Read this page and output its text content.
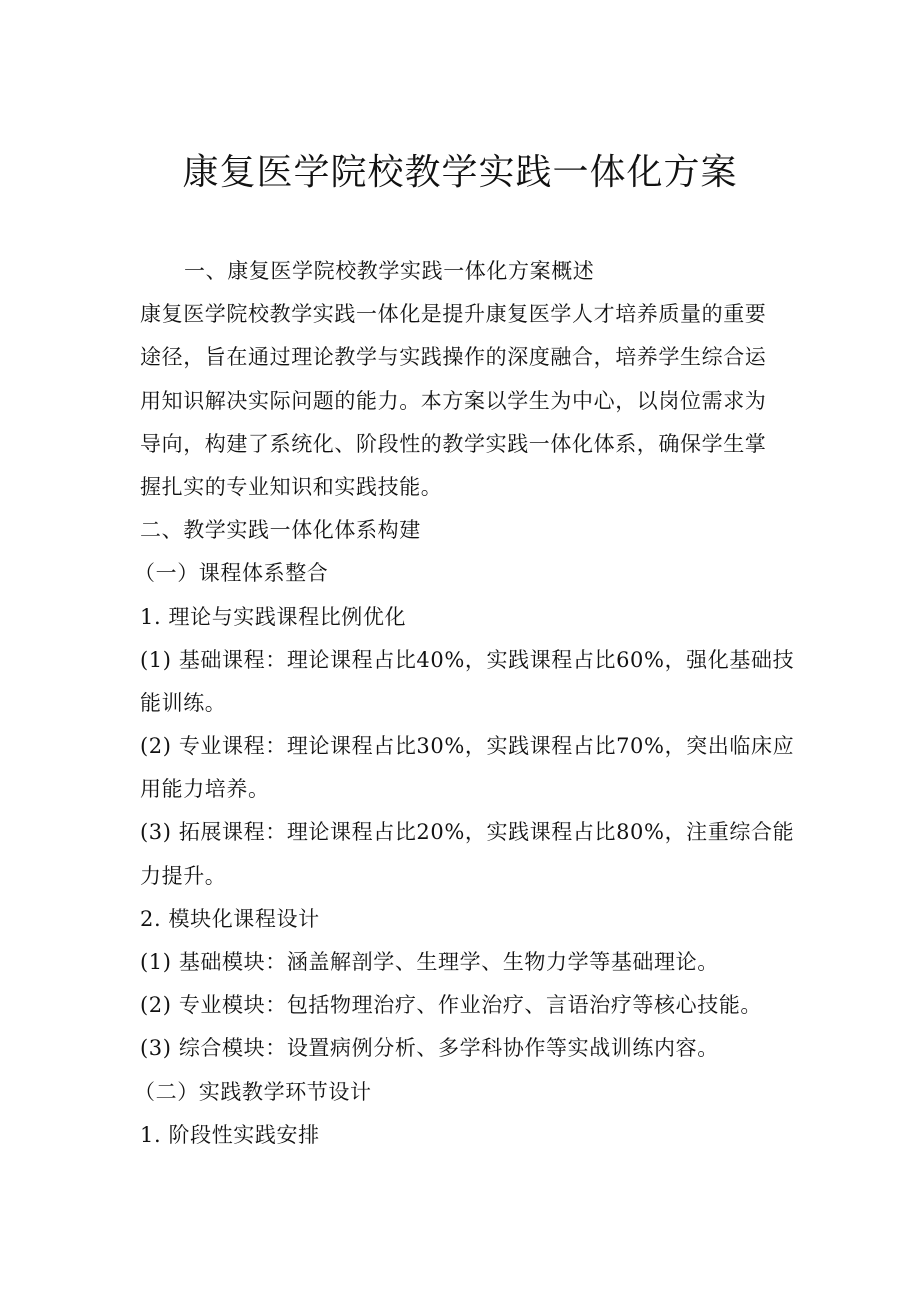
康复医学院校教学实践一体化方案
一、康复医学院校教学实践一体化方案概述
康复医学院校教学实践一体化是提升康复医学人才培养质量的重要
途径，旨在通过理论教学与实践操作的深度融合，培养学生综合运
用知识解决实际问题的能力。本方案以学生为中心，以岗位需求为
导向，构建了系统化、阶段性的教学实践一体化体系，确保学生掌
握扎实的专业知识和实践技能。
二、教学实践一体化体系构建
（一）课程体系整合
1. 理论与实践课程比例优化
(1) 基础课程：理论课程占比40%，实践课程占比60%，强化基础技
能训练。
(2) 专业课程：理论课程占比30%，实践课程占比70%，突出临床应
用能力培养。
(3) 拓展课程：理论课程占比20%，实践课程占比80%，注重综合能
力提升。
2. 模块化课程设计
(1) 基础模块：涵盖解剖学、生理学、生物力学等基础理论。
(2) 专业模块：包括物理治疗、作业治疗、言语治疗等核心技能。
(3) 综合模块：设置病例分析、多学科协作等实战训练内容。
（二）实践教学环节设计
1. 阶段性实践安排
